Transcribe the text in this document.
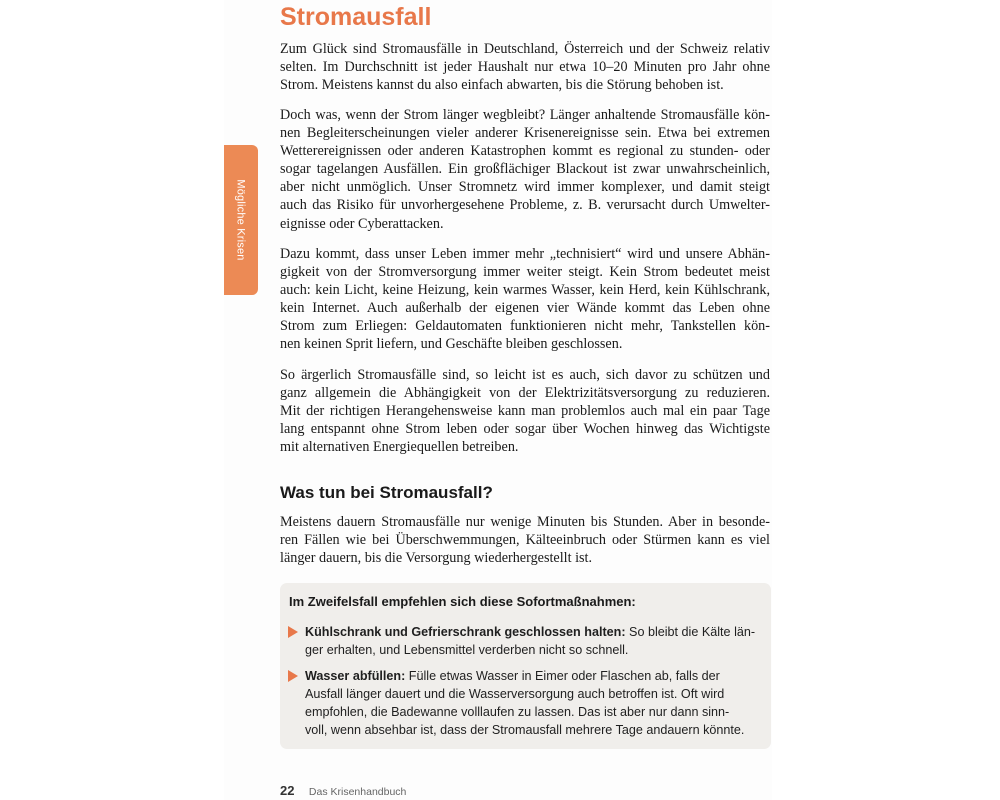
Mögliche Krisen
Stromausfall
Zum Glück sind Stromausfälle in Deutschland, Österreich und der Schweiz relativ
selten. Im Durchschnitt ist jeder Haushalt nur etwa 10–20 Minuten pro Jahr ohne
Strom. Meistens kannst du also einfach abwarten, bis die Störung behoben ist.
Doch was, wenn der Strom länger wegbleibt? Länger anhaltende Stromausfälle kön-
nen Begleiterscheinungen vieler anderer Krisenereignisse sein. Etwa bei extremen
Wetterereignissen oder anderen Katastrophen kommt es regional zu stunden- oder
sogar tagelangen Ausfällen. Ein großflächiger Blackout ist zwar unwahrscheinlich,
aber nicht unmöglich. Unser Stromnetz wird immer komplexer, und damit steigt
auch das Risiko für unvorhergesehene Probleme, z. B. verursacht durch Umwelter-
eignisse oder Cyberattacken.
Dazu kommt, dass unser Leben immer mehr „technisiert“ wird und unsere Abhän-
gigkeit von der Stromversorgung immer weiter steigt. Kein Strom bedeutet meist
auch: kein Licht, keine Heizung, kein warmes Wasser, kein Herd, kein Kühlschrank,
kein Internet. Auch außerhalb der eigenen vier Wände kommt das Leben ohne
Strom zum Erliegen: Geldautomaten funktionieren nicht mehr, Tankstellen kön-
nen keinen Sprit liefern, und Geschäfte bleiben geschlossen.
So ärgerlich Stromausfälle sind, so leicht ist es auch, sich davor zu schützen und
ganz allgemein die Abhängigkeit von der Elektrizitätsversorgung zu reduzieren.
Mit der richtigen Herangehensweise kann man problemlos auch mal ein paar Tage
lang entspannt ohne Strom leben oder sogar über Wochen hinweg das Wichtigste
mit alternativen Energiequellen betreiben.
Was tun bei Stromausfall?
Meistens dauern Stromausfälle nur wenige Minuten bis Stunden. Aber in besonde-
ren Fällen wie bei Überschwemmungen, Kälteeinbruch oder Stürmen kann es viel
länger dauern, bis die Versorgung wiederhergestellt ist.
Im Zweifelsfall empfehlen sich diese Sofortmaßnahmen:
Kühlschrank und Gefrierschrank geschlossen halten: So bleibt die Kälte län-
ger erhalten, und Lebensmittel verderben nicht so schnell.
Wasser abfüllen: Fülle etwas Wasser in Eimer oder Flaschen ab, falls der
Ausfall länger dauert und die Wasserversorgung auch betroffen ist. Oft wird
empfohlen, die Badewanne volllaufen zu lassen. Das ist aber nur dann sinn-
voll, wenn absehbar ist, dass der Stromausfall mehrere Tage andauern könnte.
22 Das Krisenhandbuch
